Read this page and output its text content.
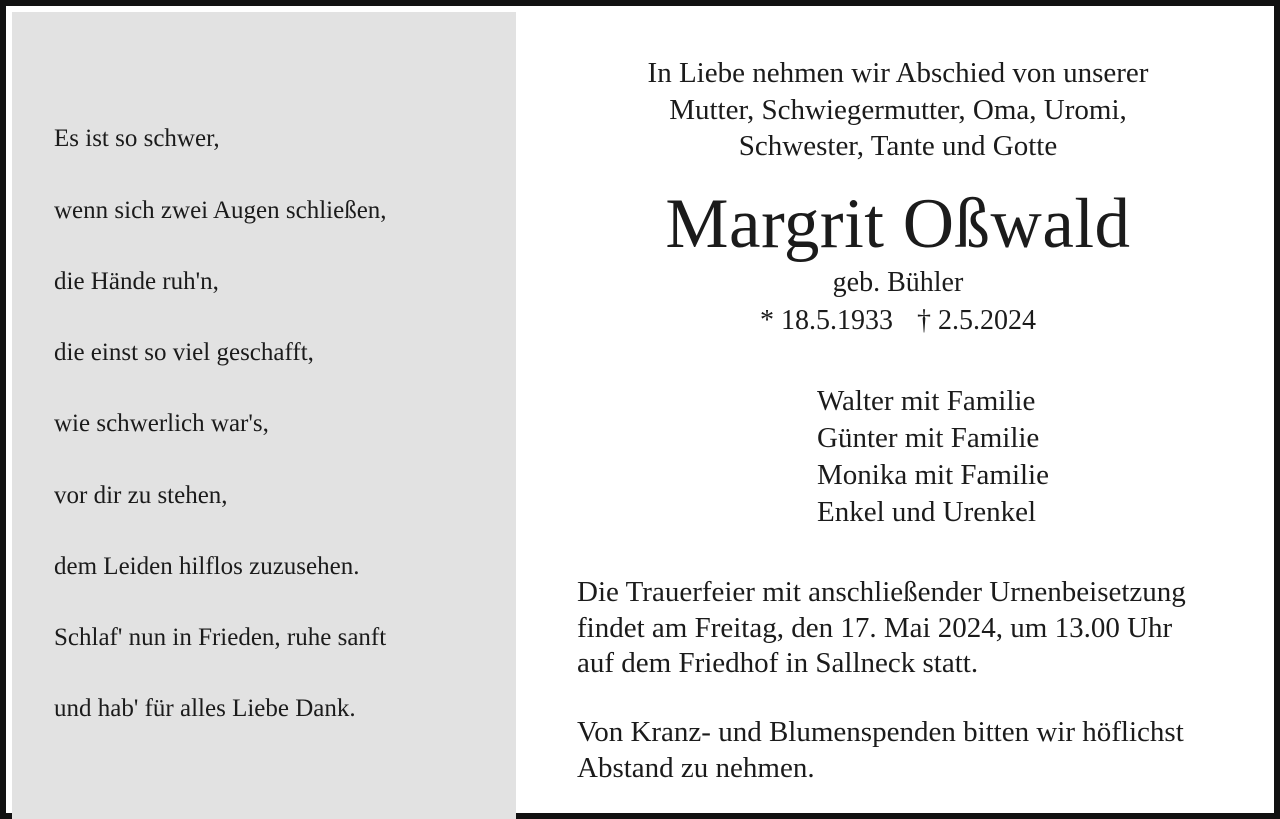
Es ist so schwer,
wenn sich zwei Augen schließen,
die Hände ruh'n,
die einst so viel geschafft,
wie schwerlich war's,
vor dir zu stehen,
dem Leiden hilflos zuzusehen.
Schlaf' nun in Frieden, ruhe sanft
und hab' für alles Liebe Dank.
In Liebe nehmen wir Abschied von unserer
Mutter, Schwiegermutter, Oma, Uromi,
Schwester, Tante und Gotte
Margrit Oßwald
geb. Bühler
* 18.5.1933 † 2.5.2024
Walter mit Familie
Günter mit Familie
Monika mit Familie
Enkel und Urenkel
Die Trauerfeier mit anschließender Urnenbeisetzung
findet am Freitag, den 17. Mai 2024, um 13.00 Uhr
auf dem Friedhof in Sallneck statt.
Von Kranz- und Blumenspenden bitten wir höflichst
Abstand zu nehmen.
